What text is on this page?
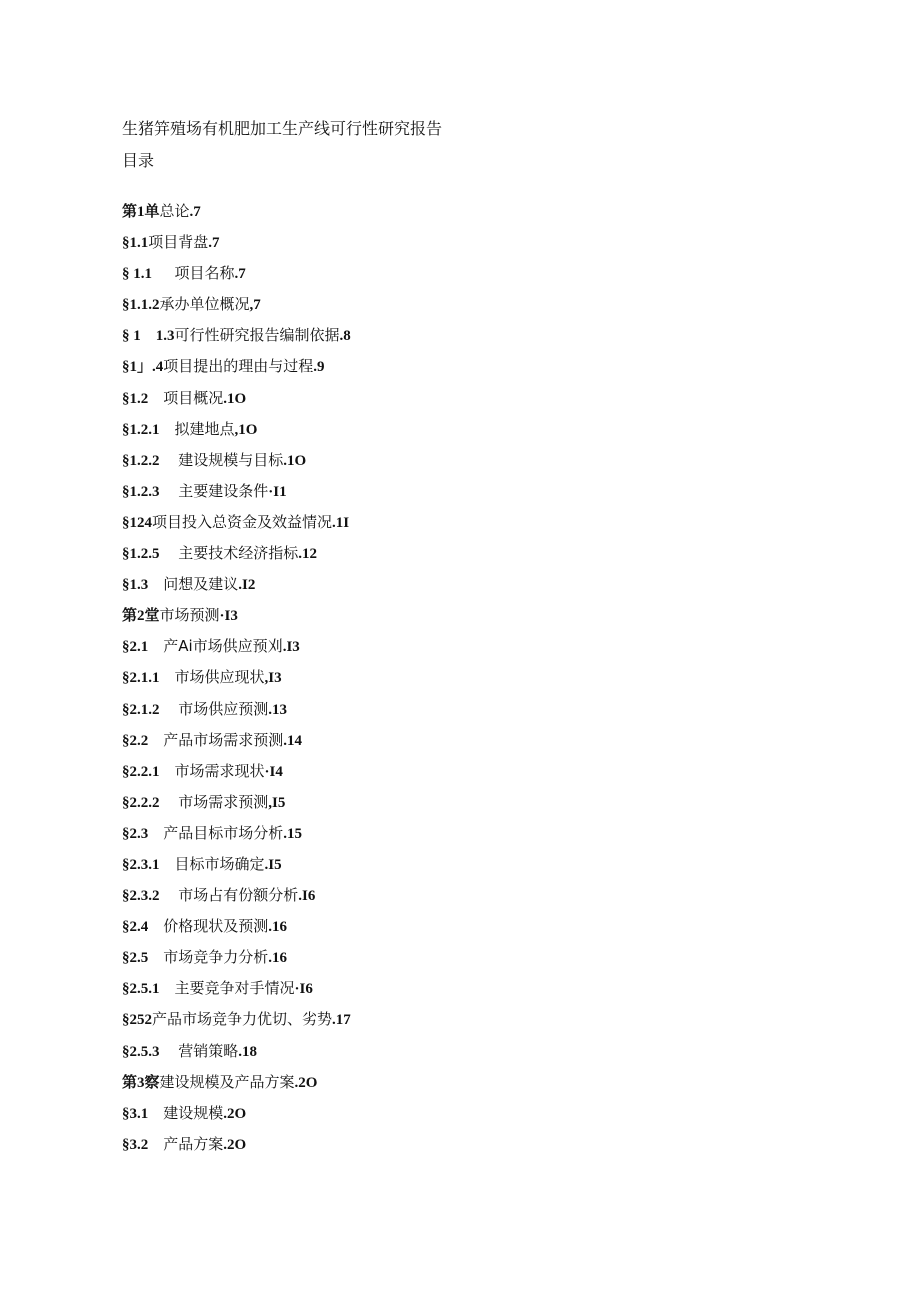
生猪笄殖场有机肥加工生产线可行性研究报告
目录
第1单总论.7
§1.1项目背盘.7
§ 1.1      项目名称.7
§1.1.2承办单位概况,7
§ 1    1.3可行性研究报告编制依据.8
§1」.4项目提出的理由与过程.9
§1.2    项目概况.1O
§1.2.1    拟建地点,1O
§1.2.2     建设规模与目标.1O
§1.2.3     主要建设条件·I1
§124项目投入总资金及效益情况.1I
§1.2.5     主要技术经济指标.12
§1.3    问想及建议.I2
第2堂市场预测·I3
§2.1    产Ai市场供应预刈.I3
§2.1.1    市场供应现状,I3
§2.1.2     市场供应预测.13
§2.2    产品市场需求预测.14
§2.2.1    市场需求现状·I4
§2.2.2     市场需求预测,I5
§2.3    产品目标市场分析.15
§2.3.1    目标市场确定.I5
§2.3.2     市场占有份额分析.I6
§2.4    价格现状及预测.16
§2.5    市场竞争力分析.16
§2.5.1    主要竞争对手情况·I6
§252产品市场竞争力优切、劣势.17
§2.5.3     营销策略.18
第3察建设规模及产品方案.2O
§3.1    建设规模.2O
§3.2    产品方案.2O
